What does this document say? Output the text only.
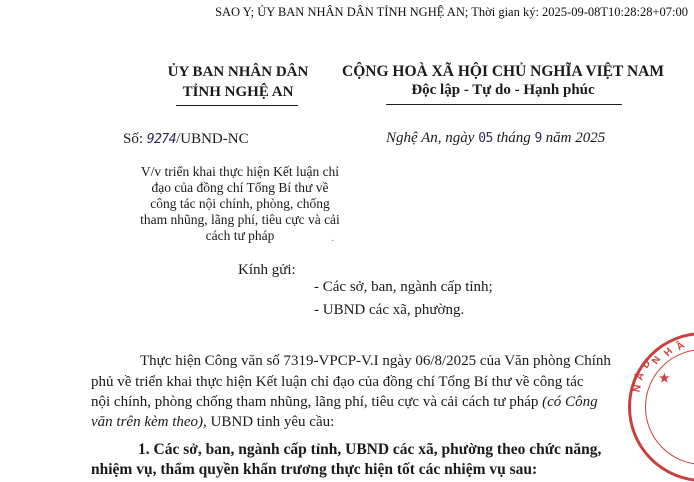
SAO Y; ỦY BAN NHÂN DÂN TỈNH NGHỆ AN; Thời gian ký: 2025-09-08T10:28:28+07:00
ỦY BAN NHÂN DÂN
TỈNH NGHỆ AN
CỘNG HOÀ XÃ HỘI CHỦ NGHĨA VIỆT NAM
Độc lập - Tự do - Hạnh phúc
Số: 9274/UBND-NC	Nghệ An, ngày 05 tháng 9 năm 2025
V/v triển khai thực hiện Kết luận chỉ đạo của đồng chí Tổng Bí thư về công tác nội chính, phòng, chống tham nhũng, lãng phí, tiêu cực và cải cách tư pháp	·
Kính gửi:
- Các sở, ban, ngành cấp tỉnh;
- UBND các xã, phường.
Thực hiện Công văn số 7319-VPCP-V.I ngày 06/8/2025 của Văn phòng Chính
phủ về triển khai thực hiện Kết luận chỉ đạo của đồng chí Tổng Bí thư về công tác
nội chính, phòng chống tham nhũng, lãng phí, tiêu cực và cải cách tư pháp (có Công
văn trên kèm theo), UBND tỉnh yêu cầu:
1. Các sở, ban, ngành cấp tỉnh, UBND các xã, phường theo chức năng,
nhiệm vụ, thẩm quyền khẩn trương thực hiện tốt các nhiệm vụ sau:
N
H Â
D
Â
N
★
